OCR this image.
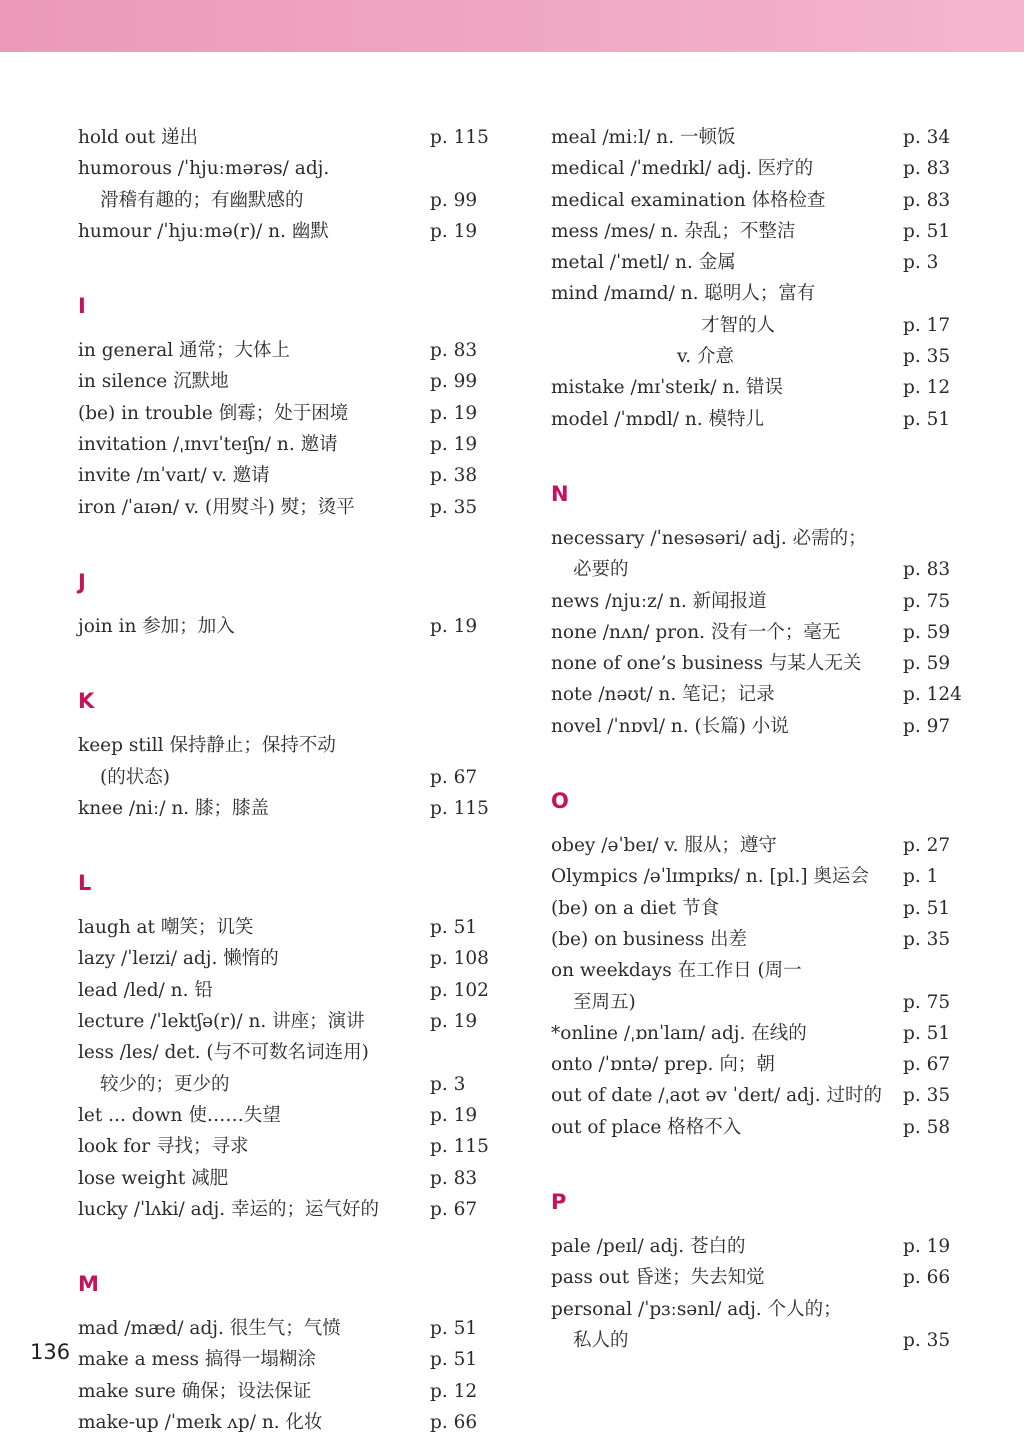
hold out 递出	p. 115
humorous /ˈhjuːmərəs/ adj.
滑稽有趣的；有幽默感的	p. 99
humour /ˈhjuːmə(r)/ n. 幽默	p. 19
I
in general 通常；大体上	p. 83
in silence 沉默地	p. 99
(be) in trouble 倒霉；处于困境	p. 19
invitation /ˌɪnvɪˈteɪʃn/ n. 邀请	p. 19
invite /ɪnˈvaɪt/ v. 邀请	p. 38
iron /ˈaɪən/ v. (用熨斗) 熨；烫平	p. 35
J
join in 参加；加入	p. 19
K
keep still 保持静止；保持不动
(的状态)	p. 67
knee /niː/ n. 膝；膝盖	p. 115
L
laugh at 嘲笑；讥笑	p. 51
lazy /ˈleɪzi/ adj. 懒惰的	p. 108
lead /led/ n. 铅	p. 102
lecture /ˈlektʃə(r)/ n. 讲座；演讲	p. 19
less /les/ det. (与不可数名词连用)
较少的；更少的	p. 3
let ... down 使……失望	p. 19
look for 寻找；寻求	p. 115
lose weight 减肥	p. 83
lucky /ˈlʌki/ adj. 幸运的；运气好的	p. 67
M
mad /mæd/ adj. 很生气；气愤	p. 51
make a mess 搞得一塌糊涂	p. 51
make sure 确保；设法保证	p. 12
make-up /ˈmeɪk ʌp/ n. 化妆	p. 66
meal /miːl/ n. 一顿饭	p. 34
medical /ˈmedɪkl/ adj. 医疗的	p. 83
medical examination 体格检查	p. 83
mess /mes/ n. 杂乱；不整洁	p. 51
metal /ˈmetl/ n. 金属	p. 3
mind /maɪnd/ n. 聪明人；富有
才智的人	p. 17
v. 介意	p. 35
mistake /mɪˈsteɪk/ n. 错误	p. 12
model /ˈmɒdl/ n. 模特儿	p. 51
N
necessary /ˈnesəsəri/ adj. 必需的；
必要的	p. 83
news /njuːz/ n. 新闻报道	p. 75
none /nʌn/ pron. 没有一个；毫无	p. 59
none of one’s business 与某人无关 p. 59
note /nəʊt/ n. 笔记；记录	p. 124
novel /ˈnɒvl/ n. (长篇) 小说	p. 97
O
obey /əˈbeɪ/ v. 服从；遵守	p. 27
Olympics /əˈlɪmpɪks/ n. [pl.] 奥运会 p. 1
(be) on a diet 节食	p. 51
(be) on business 出差	p. 35
on weekdays 在工作日 (周一
至周五)	p. 75
*online /ˌɒnˈlaɪn/ adj. 在线的	p. 51
onto /ˈɒntə/ prep. 向；朝	p. 67
out of date /ˌaʊt əv ˈdeɪt/ adj. 过时的 p. 35
out of place 格格不入	p. 58
P
pale /peɪl/ adj. 苍白的	p. 19
pass out 昏迷；失去知觉	p. 66
personal /ˈpɜːsənl/ adj. 个人的；
私人的	p. 35
136
